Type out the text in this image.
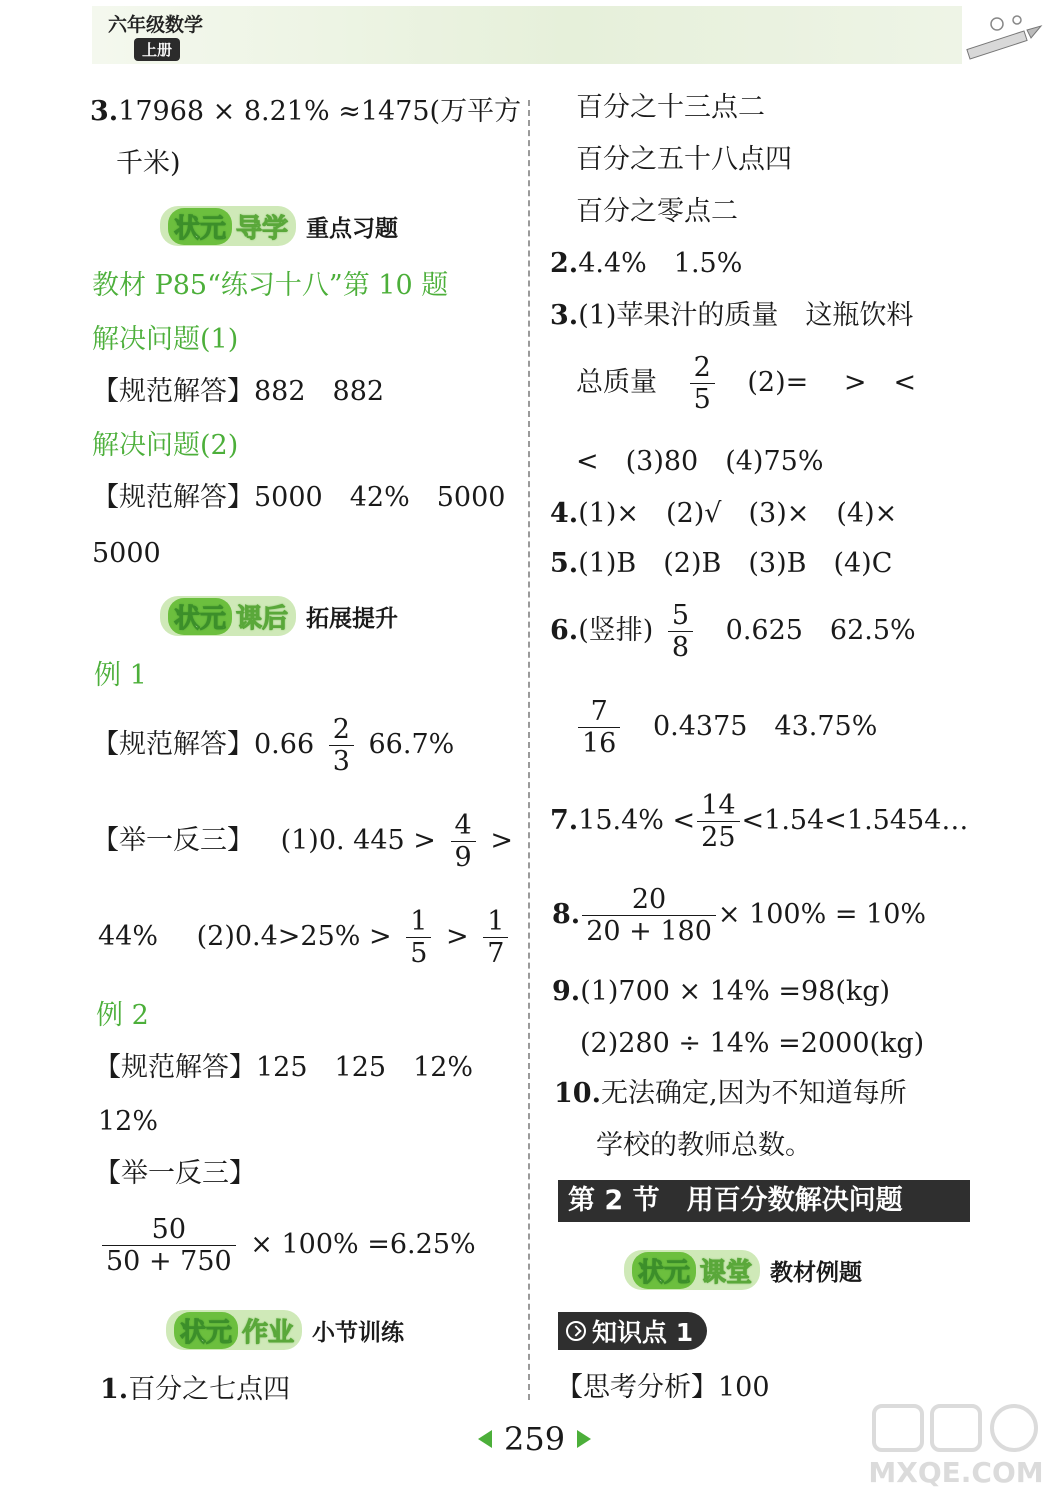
六年级数学
上册
3.17968 × 8.21% ≈1475(万平方
千米)
状元 导学 重点习题
教材 P85“练习十八”第 10 题
解决问题(1)
【规范解答】882　882
解决问题(2)
【规范解答】5000　42%　5000
5000
状元 课后 拓展提升
例 1
【规范解答】$0.66 \frac{2}{3} 66.7\%$
【举一反三】 (1)0. $445 > \frac{4}{9}$ >
44% $(2)0.4>25\% > \frac{1}{5} > \frac{1}{7}$
例 2
【规范解答】125　125　12%
12%
【举一反三】
$\frac{50}{50 + 750} \times 100\% =6.25\%$
状元 作业 小节训练
1.百分之七点四
百分之十三点二
百分之五十八点四
百分之零点二
2.4.4%　1.5%
3.(1)苹果汁的质量　这瓶饮料
总质量 $\frac{2}{5} (2)=$　 >　<
<　(3)80　(4)75%
4.(1)×　(2)√　(3)×　(4)×
5.(1)B　(2)B　(3)B　(4)C
6.(竖排) $\frac{5}{8} 0.625$　62.5%
$\frac{7}{16} 0.4375$　43.75%
$7.15.4\% < \frac{14}{25}$ <1.54<1.5454…
8. $\frac{20}{20 + 180} \times 100\% = 10\%$
9.(1)700 × 14% =98(kg)
(2)280 ÷ 14% =2000(kg)
10.无法确定,因为不知道每所
学校的教师总数。
第 2 节　用百分数解决问题
状元 课堂 教材例题
知识点 1
【思考分析】100
259
MXQE.COM
